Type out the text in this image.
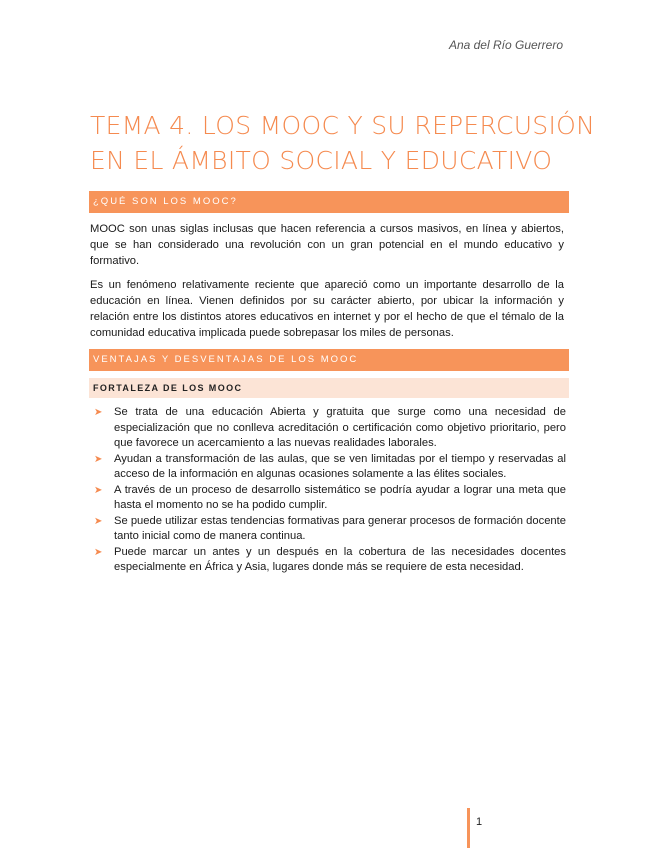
Ana del Río Guerrero
TEMA 4. LOS MOOC Y SU REPERCUSIÓN
EN EL ÁMBITO SOCIAL Y EDUCATIVO
¿QUÉ SON LOS MOOC?
MOOC son unas siglas inclusas que hacen referencia a cursos masivos, en línea y abiertos, que se han considerado una revolución con un gran potencial en el mundo educativo y formativo.
Es un fenómeno relativamente reciente que apareció como un importante desarrollo de la educación en línea. Vienen definidos por su carácter abierto, por ubicar la información y relación entre los distintos atores educativos en internet y por el hecho de que el témalo de la comunidad educativa implicada puede sobrepasar los miles de personas.
VENTAJAS Y DESVENTAJAS DE LOS MOOC
FORTALEZA DE LOS MOOC
➤ Se trata de una educación Abierta y gratuita que surge como una necesidad de especialización que no conlleva acreditación o certificación como objetivo prioritario, pero que favorece un acercamiento a las nuevas realidades laborales.
➤ Ayudan a transformación de las aulas, que se ven limitadas por el tiempo y reservadas al acceso de la información en algunas ocasiones solamente a las élites sociales.
➤ A través de un proceso de desarrollo sistemático se podría ayudar a lograr una meta que hasta el momento no se ha podido cumplir.
➤ Se puede utilizar estas tendencias formativas para generar procesos de formación docente tanto inicial como de manera continua.
➤ Puede marcar un antes y un después en la cobertura de las necesidades docentes especialmente en África y Asia, lugares donde más se requiere de esta necesidad.
1
